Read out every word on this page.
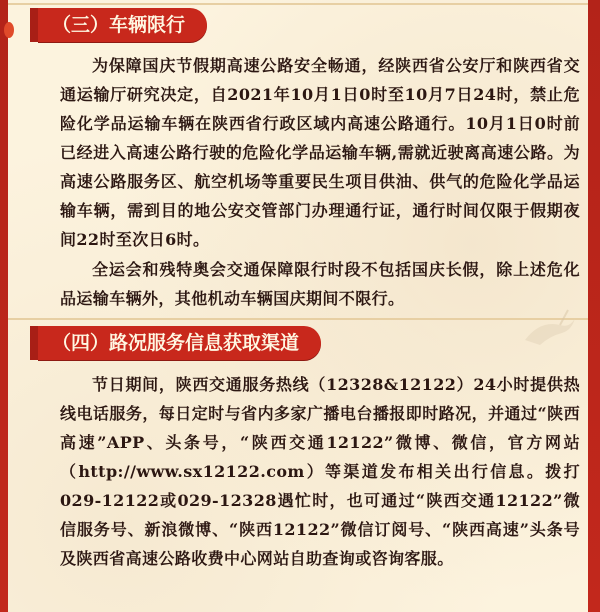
（三）车辆限行

为保障国庆节假期高速公路安全畅通，经陕西省公安厅和陕西省交通运输厅研究决定，自2021年10月1日0时至10月7日24时，禁止危险化学品运输车辆在陕西省行政区域内高速公路通行。10月1日0时前已经进入高速公路行驶的危险化学品运输车辆,需就近驶离高速公路。为高速公路服务区、航空机场等重要民生项目供油、供气的危险化学品运输车辆，需到目的地公安交管部门办理通行证，通行时间仅限于假期夜间22时至次日6时。

全运会和残特奥会交通保障限行时段不包括国庆长假，除上述危化品运输车辆外，其他机动车辆国庆期间不限行。

（四）路况服务信息获取渠道

节日期间，陕西交通服务热线（12328&12122）24小时提供热线电话服务，每日定时与省内多家广播电台播报即时路况，并通过“陕西高速”APP、头条号，“陕西交通12122”微博、微信，官方网站（http://www.sx12122.com）等渠道发布相关出行信息。拨打029-12122或029-12328遇忙时，也可通过“陕西交通12122”微信服务号、新浪微博、“陕西12122”微信订阅号、“陕西高速”头条号及陕西省高速公路收费中心网站自助查询或咨询客服。
